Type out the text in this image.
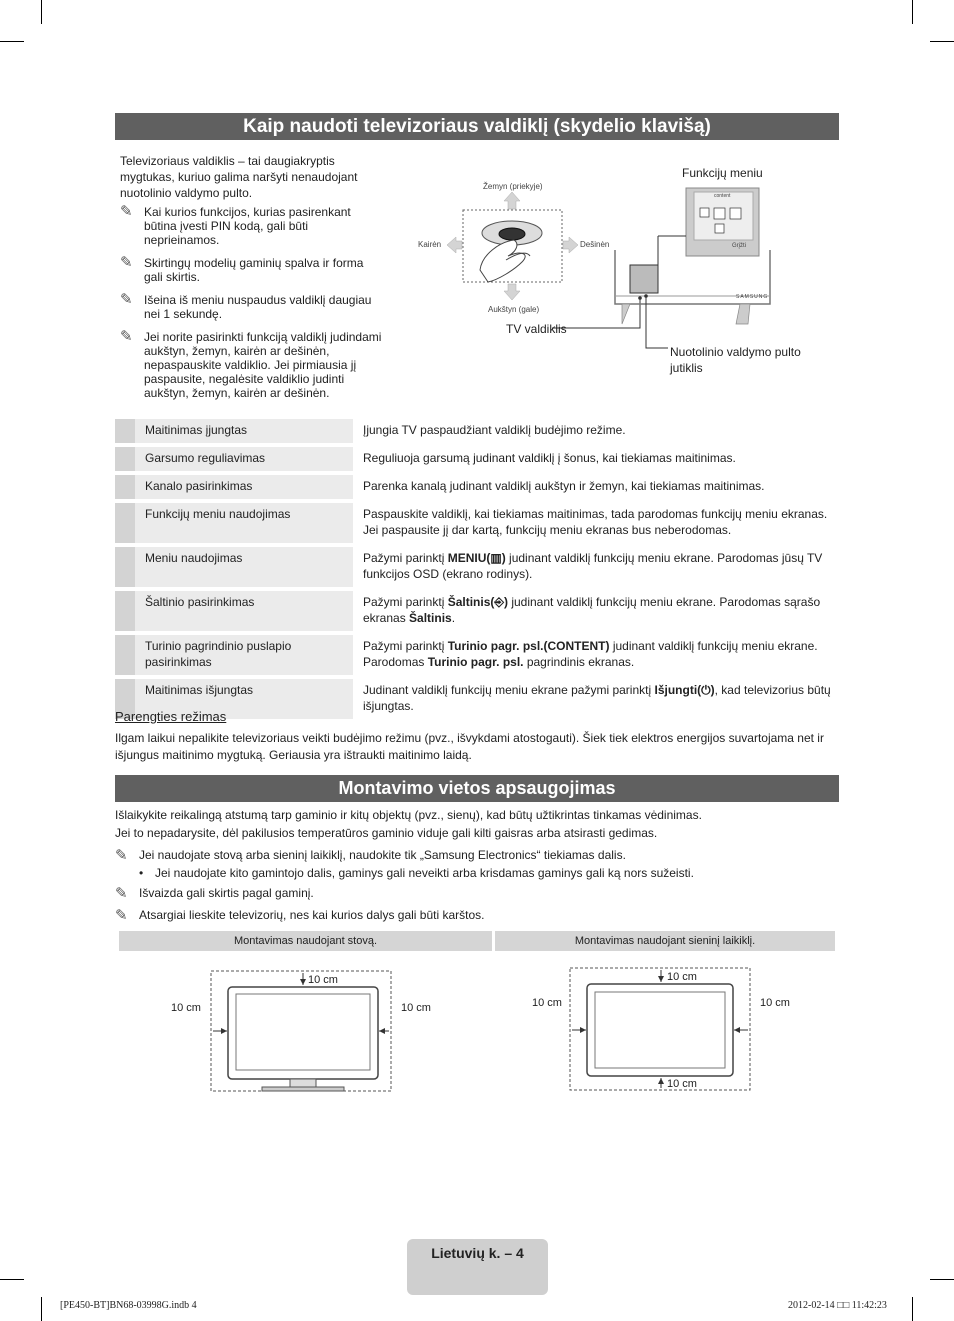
Kaip naudoti televizoriaus valdiklį (skydelio klavišą)

Televizoriaus valdiklis – tai daugiakryptis mygtukas, kuriuo galima naršyti nenaudojant nuotolinio valdymo pulto.

✎ Kai kurios funkcijos, kurias pasirenkant būtina įvesti PIN kodą, gali būti neprieinamos.
✎ Skirtingų modelių gaminių spalva ir forma gali skirtis.
✎ Išeina iš meniu nuspaudus valdiklį daugiau nei 1 sekundę.
✎ Jei norite pasirinkti funkciją valdiklį judindami aukštyn, žemyn, kairėn ar dešinėn, nepaspauskite valdiklio. Jei pirmiausia jį paspausite, negalėsite valdiklio judinti aukštyn, žemyn, kairėn ar dešinėn.
Žemyn (priekyje)
Aukštyn (gale)
Kairėn	Dešinėn
Funkcijų meniu
content
Grįžti
SAMSUNG
TV valdiklis
Nuotolinio valdymo pulto jutiklis
	Maitinimas įjungtas		Įjungia TV paspaudžiant valdiklį budėjimo režime.
	Garsumo reguliavimas		Reguliuoja garsumą judinant valdiklį į šonus, kai tiekiamas maitinimas.
	Kanalo pasirinkimas		Parenka kanalą judinant valdiklį aukštyn ir žemyn, kai tiekiamas maitinimas.
	Funkcijų meniu naudojimas		Paspauskite valdiklį, kai tiekiamas maitinimas, tada parodomas funkcijų meniu ekranas. Jei paspausite jį dar kartą, funkcijų meniu ekranas bus neberodomas.
	Meniu naudojimas		Pažymi parinktį MENIU(▥) judinant valdiklį funkcijų meniu ekrane. Parodomas jūsų TV funkcijos OSD (ekrano rodinys).
	Šaltinio pasirinkimas		Pažymi parinktį Šaltinis(⎆) judinant valdiklį funkcijų meniu ekrane. Parodomas sąrašo ekranas Šaltinis.
	Turinio pagrindinio puslapio pasirinkimas		Pažymi parinktį Turinio pagr. psl.(CONTENT) judinant valdiklį funkcijų meniu ekrane. Parodomas Turinio pagr. psl. pagrindinis ekranas.
	Maitinimas išjungtas		Judinant valdiklį funkcijų meniu ekrane pažymi parinktį Išjungti(⏻), kad televizorius būtų išjungtas.
Parengties režimas
Ilgam laikui nepalikite televizoriaus veikti budėjimo režimu (pvz., išvykdami atostogauti). Šiek tiek elektros energijos suvartojama net ir išjungus maitinimo mygtuką. Geriausia yra ištraukti maitinimo laidą.
Montavimo vietos apsaugojimas
Išlaikykite reikalingą atstumą tarp gaminio ir kitų objektų (pvz., sienų), kad būtų užtikrintas tinkamas vėdinimas.
Jei to nepadarysite, dėl pakilusios temperatūros gaminio viduje gali kilti gaisras arba atsirasti gedimas.
✎ Jei naudojate stovą arba sieninį laikiklį, naudokite tik „Samsung Electronics“ tiekiamas dalis.
• Jei naudojate kito gamintojo dalis, gaminys gali neveikti arba krisdamas gaminys gali ką nors sužeisti.
✎ Išvaizda gali skirtis pagal gaminį.
✎ Atsargiai lieskite televizorių, nes kai kurios dalys gali būti karštos.
Montavimas naudojant stovą.	Montavimas naudojant sieninį laikiklį.
10 cm
10 cm	10 cm
10 cm
10 cm	10 cm
10 cm
Lietuvių k. – 4
[PE450-BT]BN68-03998G.indb 4	2012-02-14 □□ 11:42:23
